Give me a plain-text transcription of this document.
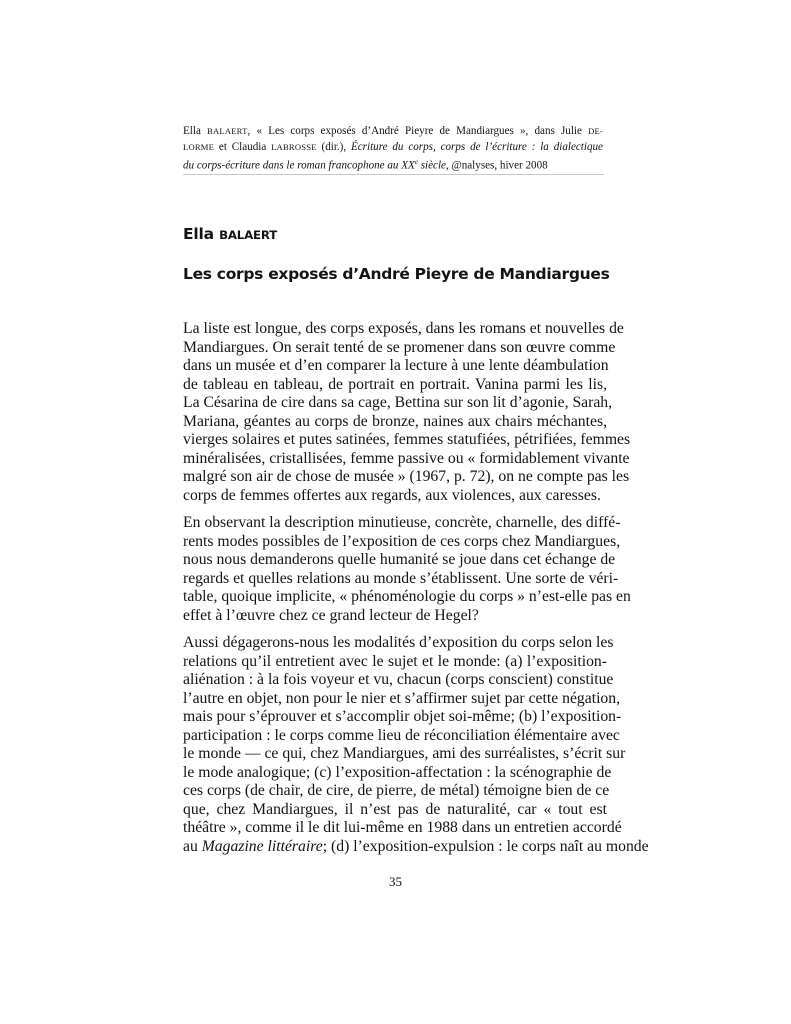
Ella BALAERT, « Les corps exposés d’André Pieyre de Mandiargues », dans Julie DE-
LORME et Claudia LABROSSE (dir.), Écriture du corps, corps de l’écriture : la dialectique
du corps-écriture dans le roman francophone au XXe siècle, @nalyses, hiver 2008
Ella BALAERT
Les corps exposés d’André Pieyre de Mandiargues
La liste est longue, des corps exposés, dans les romans et nouvelles de
Mandiargues. On serait tenté de se promener dans son œuvre comme
dans un musée et d’en comparer la lecture à une lente déambulation
de tableau en tableau, de portrait en portrait. Vanina parmi les lis,
La Césarina de cire dans sa cage, Bettina sur son lit d’agonie, Sarah,
Mariana, géantes au corps de bronze, naines aux chairs méchantes,
vierges solaires et putes satinées, femmes statufiées, pétrifiées, femmes
minéralisées, cristallisées, femme passive ou « formidablement vivante
malgré son air de chose de musée » (1967, p. 72), on ne compte pas les
corps de femmes offertes aux regards, aux violences, aux caresses.
En observant la description minutieuse, concrète, charnelle, des diffé-
rents modes possibles de l’exposition de ces corps chez Mandiargues,
nous nous demanderons quelle humanité se joue dans cet échange de
regards et quelles relations au monde s’établissent. Une sorte de véri-
table, quoique implicite, « phénoménologie du corps » n’est-elle pas en
effet à l’œuvre chez ce grand lecteur de Hegel?
Aussi dégagerons-nous les modalités d’exposition du corps selon les
relations qu’il entretient avec le sujet et le monde: (a) l’exposition-
aliénation : à la fois voyeur et vu, chacun (corps conscient) constitue
l’autre en objet, non pour le nier et s’affirmer sujet par cette négation,
mais pour s’éprouver et s’accomplir objet soi-même; (b) l’exposition-
participation : le corps comme lieu de réconciliation élémentaire avec
le monde — ce qui, chez Mandiargues, ami des surréalistes, s’écrit sur
le mode analogique; (c) l’exposition-affectation : la scénographie de
ces corps (de chair, de cire, de pierre, de métal) témoigne bien de ce
que, chez Mandiargues, il n’est pas de naturalité, car « tout est
théâtre », comme il le dit lui-même en 1988 dans un entretien accordé
au Magazine littéraire; (d) l’exposition-expulsion : le corps naît au monde
35
